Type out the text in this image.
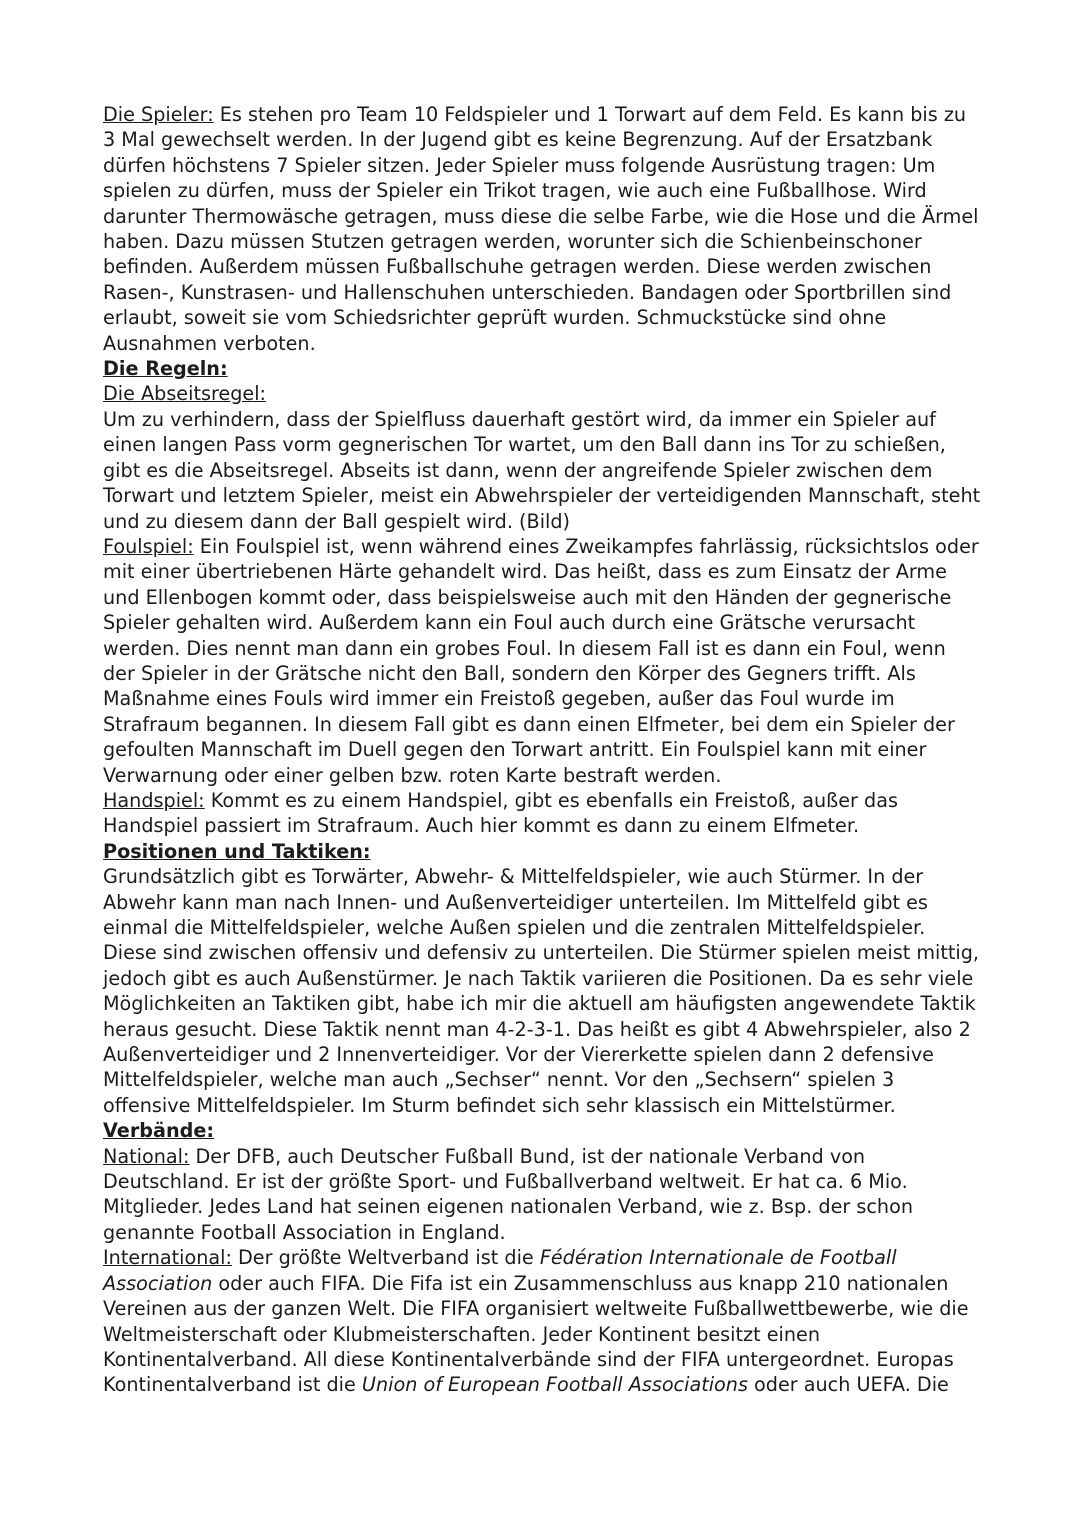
Die Spieler: Es stehen pro Team 10 Feldspieler und 1 Torwart auf dem Feld. Es kann bis zu 3 Mal gewechselt werden. In der Jugend gibt es keine Begrenzung. Auf der Ersatzbank dürfen höchstens 7 Spieler sitzen. Jeder Spieler muss folgende Ausrüstung tragen: Um spielen zu dürfen, muss der Spieler ein Trikot tragen, wie auch eine Fußballhose. Wird darunter Thermowäsche getragen, muss diese die selbe Farbe, wie die Hose und die Ärmel haben. Dazu müssen Stutzen getragen werden, worunter sich die Schienbeinschoner befinden. Außerdem müssen Fußballschuhe getragen werden. Diese werden zwischen Rasen-, Kunstrasen- und Hallenschuhen unterschieden. Bandagen oder Sportbrillen sind erlaubt, soweit sie vom Schiedsrichter geprüft wurden. Schmuckstücke sind ohne Ausnahmen verboten.

Die Regeln:

Die Abseitsregel:

Um zu verhindern, dass der Spielfluss dauerhaft gestört wird, da immer ein Spieler auf einen langen Pass vorm gegnerischen Tor wartet, um den Ball dann ins Tor zu schießen, gibt es die Abseitsregel. Abseits ist dann, wenn der angreifende Spieler zwischen dem Torwart und letztem Spieler, meist ein Abwehrspieler der verteidigenden Mannschaft, steht und zu diesem dann der Ball gespielt wird. (Bild)

Foulspiel: Ein Foulspiel ist, wenn während eines Zweikampfes fahrlässig, rücksichtslos oder mit einer übertriebenen Härte gehandelt wird. Das heißt, dass es zum Einsatz der Arme und Ellenbogen kommt oder, dass beispielsweise auch mit den Händen der gegnerische Spieler gehalten wird. Außerdem kann ein Foul auch durch eine Grätsche verursacht werden. Dies nennt man dann ein grobes Foul. In diesem Fall ist es dann ein Foul, wenn der Spieler in der Grätsche nicht den Ball, sondern den Körper des Gegners trifft. Als Maßnahme eines Fouls wird immer ein Freistoß gegeben, außer das Foul wurde im Strafraum begannen. In diesem Fall gibt es dann einen Elfmeter, bei dem ein Spieler der gefoulten Mannschaft im Duell gegen den Torwart antritt. Ein Foulspiel kann mit einer Verwarnung oder einer gelben bzw. roten Karte bestraft werden.

Handspiel: Kommt es zu einem Handspiel, gibt es ebenfalls ein Freistoß, außer das Handspiel passiert im Strafraum. Auch hier kommt es dann zu einem Elfmeter.

Positionen und Taktiken:

Grundsätzlich gibt es Torwärter, Abwehr- & Mittelfeldspieler, wie auch Stürmer. In der Abwehr kann man nach Innen- und Außenverteidiger unterteilen. Im Mittelfeld gibt es einmal die Mittelfeldspieler, welche Außen spielen und die zentralen Mittelfeldspieler. Diese sind zwischen offensiv und defensiv zu unterteilen. Die Stürmer spielen meist mittig, jedoch gibt es auch Außenstürmer. Je nach Taktik variieren die Positionen. Da es sehr viele Möglichkeiten an Taktiken gibt, habe ich mir die aktuell am häufigsten angewendete Taktik heraus gesucht. Diese Taktik nennt man 4-2-3-1. Das heißt es gibt 4 Abwehrspieler, also 2 Außenverteidiger und 2 Innenverteidiger. Vor der Viererkette spielen dann 2 defensive Mittelfeldspieler, welche man auch „Sechser“ nennt. Vor den „Sechsern“ spielen 3 offensive Mittelfeldspieler. Im Sturm befindet sich sehr klassisch ein Mittelstürmer.

Verbände:

National: Der DFB, auch Deutscher Fußball Bund, ist der nationale Verband von Deutschland. Er ist der größte Sport- und Fußballverband weltweit. Er hat ca. 6 Mio. Mitglieder. Jedes Land hat seinen eigenen nationalen Verband, wie z. Bsp. der schon genannte Football Association in England.

International: Der größte Weltverband ist die Fédération Internationale de Football Association oder auch FIFA. Die Fifa ist ein Zusammenschluss aus knapp 210 nationalen Vereinen aus der ganzen Welt. Die FIFA organisiert weltweite Fußballwettbewerbe, wie die Weltmeisterschaft oder Klubmeisterschaften. Jeder Kontinent besitzt einen Kontinentalverband. All diese Kontinentalverbände sind der FIFA untergeordnet. Europas Kontinentalverband ist die Union of European Football Associations oder auch UEFA. Die
